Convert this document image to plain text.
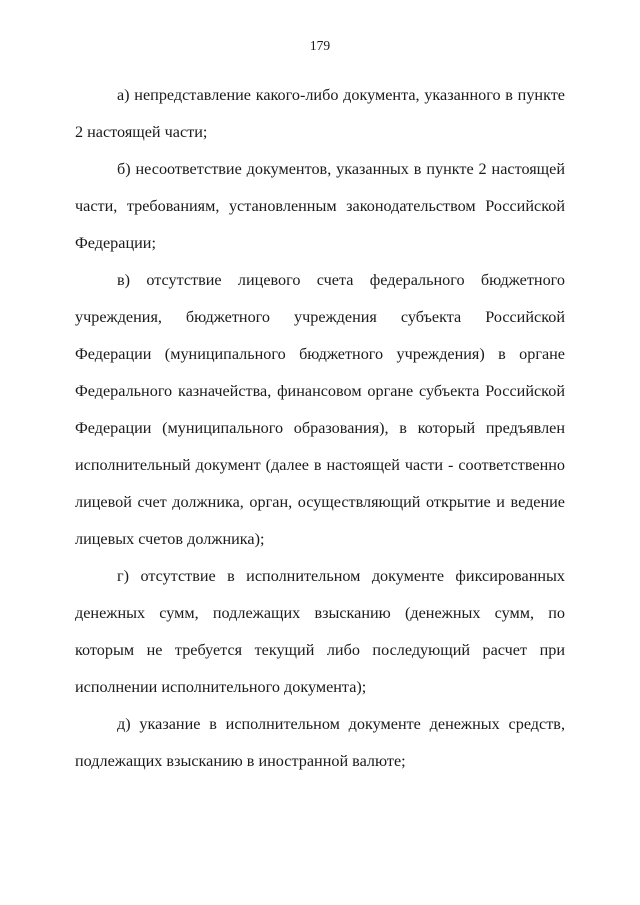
179

а) непредставление какого-либо документа, указанного в пункте 2 настоящей части;

б) несоответствие документов, указанных в пункте 2 настоящей части, требованиям, установленным законодательством Российской Федерации;

в) отсутствие лицевого счета федерального бюджетного учреждения, бюджетного учреждения субъекта Российской Федерации (муниципального бюджетного учреждения) в органе Федерального казначейства, финансовом органе субъекта Российской Федерации (муниципального образования), в который предъявлен исполнительный документ (далее в настоящей части - соответственно лицевой счет должника, орган, осуществляющий открытие и ведение лицевых счетов должника);

г) отсутствие в исполнительном документе фиксированных денежных сумм, подлежащих взысканию (денежных сумм, по которым не требуется текущий либо последующий расчет при исполнении исполнительного документа);

д) указание в исполнительном документе денежных средств, подлежащих взысканию в иностранной валюте;
